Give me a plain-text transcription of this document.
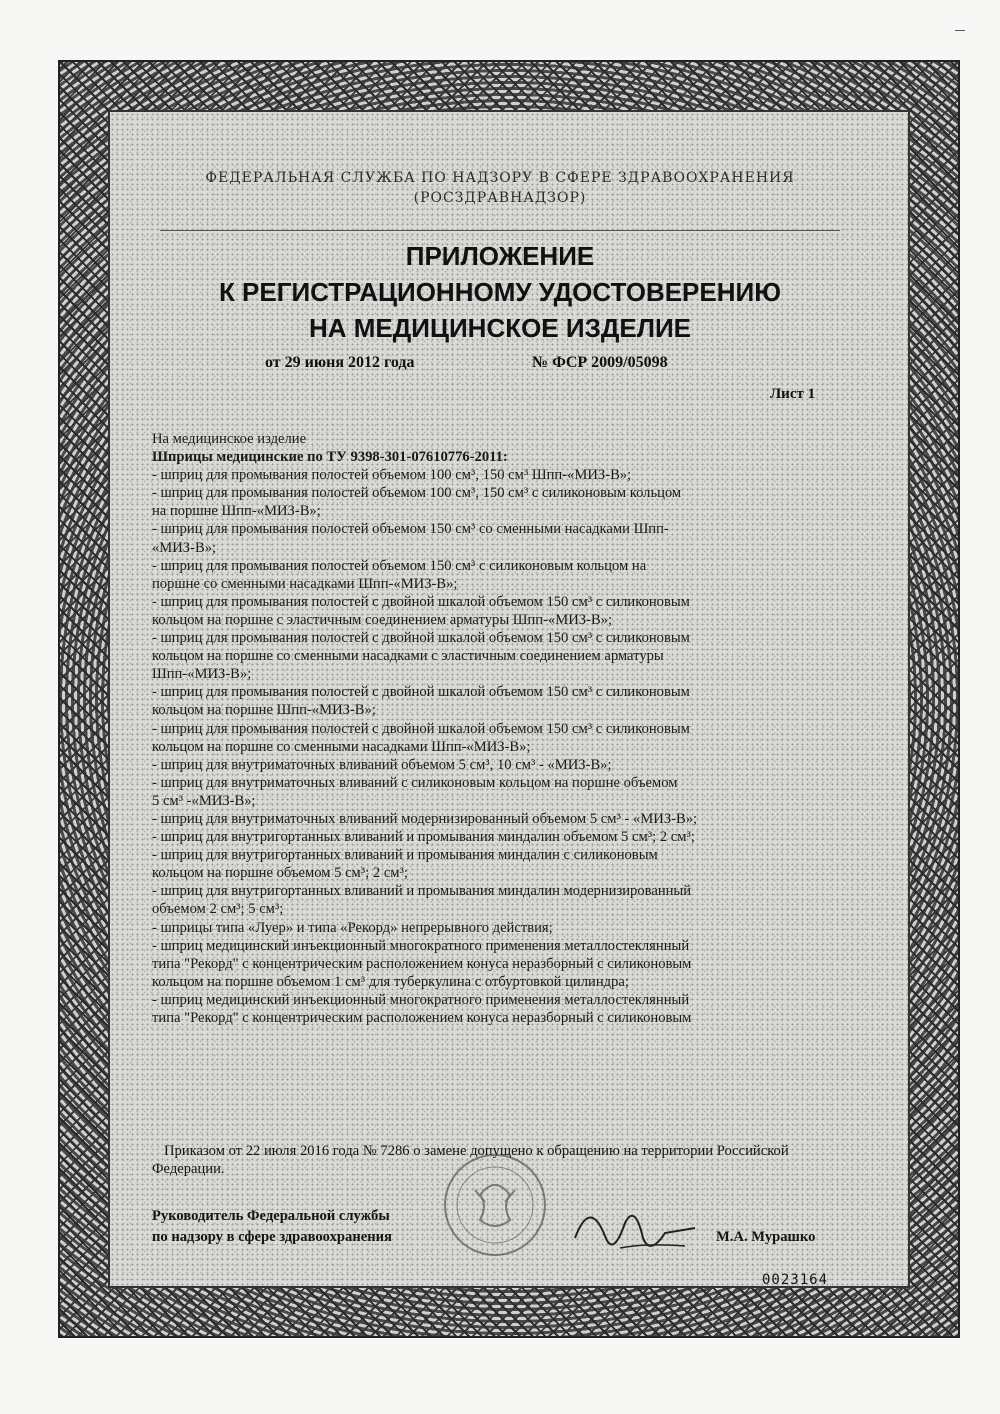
ФЕДЕРАЛЬНАЯ СЛУЖБА ПО НАДЗОРУ В СФЕРЕ ЗДРАВООХРАНЕНИЯ
(РОСЗДРАВНАДЗОР)
ПРИЛОЖЕНИЕ
К РЕГИСТРАЦИОННОМУ УДОСТОВЕРЕНИЮ
НА МЕДИЦИНСКОЕ ИЗДЕЛИЕ
от 29 июня 2012 года	№ ФСР 2009/05098
Лист 1
На медицинское изделие
Шприцы медицинские по ТУ 9398-301-07610776-2011:
- шприц для промывания полостей объемом 100 см³, 150 см³ Шпп-«МИЗ-В»;
- шприц для промывания полостей объемом 100 см³, 150 см³ с силиконовым кольцом
на поршне Шпп-«МИЗ-В»;
- шприц для промывания полостей объемом 150 см³ со сменными насадками Шпп-
«МИЗ-В»;
- шприц для промывания полостей объемом 150 см³ с силиконовым кольцом на
поршне со сменными насадками Шпп-«МИЗ-В»;
- шприц для промывания полостей с двойной шкалой объемом 150 см³ с силиконовым
кольцом на поршне с эластичным соединением арматуры Шпп-«МИЗ-В»;
- шприц для промывания полостей с двойной шкалой объемом 150 см³ с силиконовым
кольцом на поршне со сменными насадками с эластичным соединением арматуры
Шпп-«МИЗ-В»;
- шприц для промывания полостей с двойной шкалой объемом 150 см³ с силиконовым
кольцом на поршне Шпп-«МИЗ-В»;
- шприц для промывания полостей с двойной шкалой объемом 150 см³ с силиконовым
кольцом на поршне со сменными насадками Шпп-«МИЗ-В»;
- шприц для внутриматочных вливаний объемом 5 см³, 10 см³ - «МИЗ-В»;
- шприц для внутриматочных вливаний с силиконовым кольцом на поршне объемом
5 см³ -«МИЗ-В»;
- шприц для внутриматочных вливаний модернизированный объемом 5 см³ - «МИЗ-В»;
- шприц для внутригортанных вливаний и промывания миндалин объемом 5 см³; 2 см³;
- шприц для внутригортанных вливаний и промывания миндалин с силиконовым
кольцом на поршне объемом 5 см³; 2 см³;
- шприц для внутригортанных вливаний и промывания миндалин модернизированный
объемом 2 см³; 5 см³;
- шприцы типа «Луер» и типа «Рекорд» непрерывного действия;
- шприц медицинский инъекционный многократного применения металлостеклянный
типа "Рекорд" с концентрическим расположением конуса неразборный с силиконовым
кольцом на поршне объемом 1 см³ для туберкулина с отбуртовкой цилиндра;
- шприц медицинский инъекционный многократного применения металлостеклянный
типа "Рекорд" с концентрическим расположением конуса неразборный с силиконовым
Приказом от 22 июля 2016 года № 7286 о замене допущено к обращению на территории Российской Федерации.
Руководитель Федеральной службы
по надзору в сфере здравоохранения	М.А. Мурашко
0023164
